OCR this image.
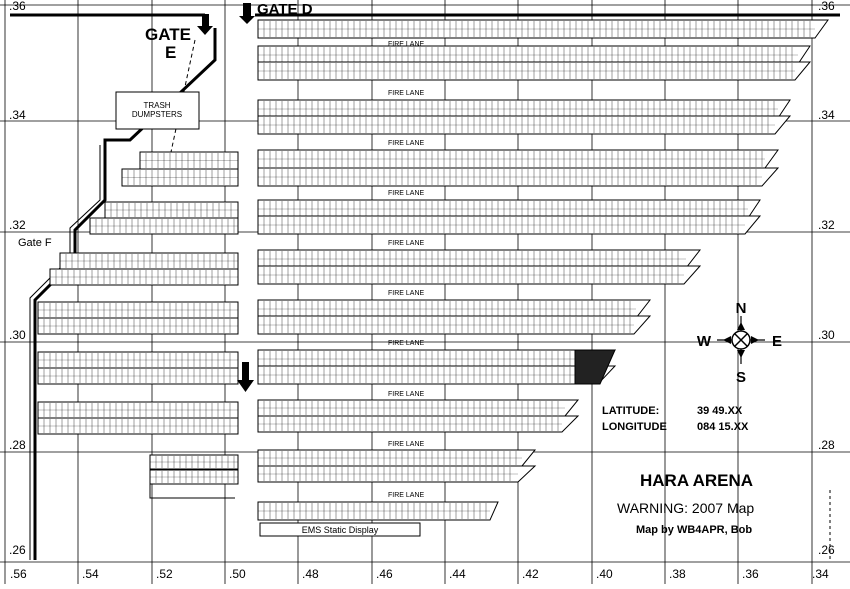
.36
.34
.32
.30
.28
.26
.36
.34
.32
.30
.28
.26
.56	.54	.52	.50	.48	.46	.44	.42	.40	.38	.36	.34
FIRE LANE
FIRE LANE
FIRE LANE
FIRE LANE
FIRE LANE
FIRE LANE
FIRE LANE
FIRE LANE
FIRE LANE
FIRE LANE
GATE D
GATE
E
Gate F
TRASH
DUMPSTERS
EMS Static Display
N
S
E
W
LATITUDE:	39 49.XX
LONGITUDE	084 15.XX
HARA ARENA
WARNING: 2007 Map
Map by WB4APR, Bob
